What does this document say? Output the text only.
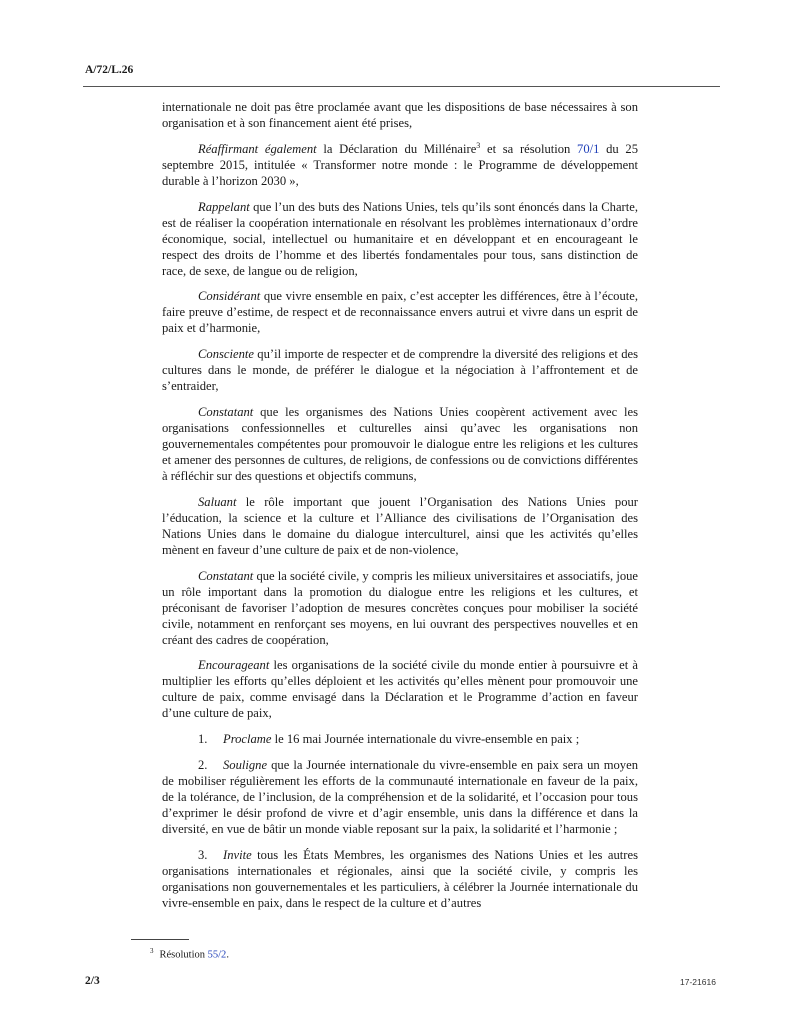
A/72/L.26

internationale ne doit pas être proclamée avant que les dispositions de base nécessaires à son organisation et à son financement aient été prises,

Réaffirmant également la Déclaration du Millénaire$^3$ et sa résolution 70/1 du 25 septembre 2015, intitulée « Transformer notre monde : le Programme de développement durable à l’horizon 2030 »,

Rappelant que l’un des buts des Nations Unies, tels qu’ils sont énoncés dans la Charte, est de réaliser la coopération internationale en résolvant les problèmes internationaux d’ordre économique, social, intellectuel ou humanitaire et en développant et en encourageant le respect des droits de l’homme et des libertés fondamentales pour tous, sans distinction de race, de sexe, de langue ou de religion,

Considérant que vivre ensemble en paix, c’est accepter les différences, être à l’écoute, faire preuve d’estime, de respect et de reconnaissance envers autrui et vivre dans un esprit de paix et d’harmonie,

Consciente qu’il importe de respecter et de comprendre la diversité des religions et des cultures dans le monde, de préférer le dialogue et la négociation à l’affrontement et de s’entraider,

Constatant que les organismes des Nations Unies coopèrent activement avec les organisations confessionnelles et culturelles ainsi qu’avec les organisations non gouvernementales compétentes pour promouvoir le dialogue entre les religions et les cultures et amener des personnes de cultures, de religions, de confessions ou de convictions différentes à réfléchir sur des questions et objectifs communs,

Saluant le rôle important que jouent l’Organisation des Nations Unies pour l’éducation, la science et la culture et l’Alliance des civilisations de l’Organisation des Nations Unies dans le domaine du dialogue interculturel, ainsi que les activités qu’elles mènent en faveur d’une culture de paix et de non-violence,

Constatant que la société civile, y compris les milieux universitaires et associatifs, joue un rôle important dans la promotion du dialogue entre les religions et les cultures, et préconisant de favoriser l’adoption de mesures concrètes conçues pour mobiliser la société civile, notamment en renforçant ses moyens, en lui ouvrant des perspectives nouvelles et en créant des cadres de coopération,

Encourageant les organisations de la société civile du monde entier à poursuivre et à multiplier les efforts qu’elles déploient et les activités qu’elles mènent pour promouvoir une culture de paix, comme envisagé dans la Déclaration et le Programme d’action en faveur d’une culture de paix,

1. Proclame le 16 mai Journée internationale du vivre-ensemble en paix ;

2. Souligne que la Journée internationale du vivre-ensemble en paix sera un moyen de mobiliser régulièrement les efforts de la communauté internationale en faveur de la paix, de la tolérance, de l’inclusion, de la compréhension et de la solidarité, et l’occasion pour tous d’exprimer le désir profond de vivre et d’agir ensemble, unis dans la différence et dans la diversité, en vue de bâtir un monde viable reposant sur la paix, la solidarité et l’harmonie ;

3. Invite tous les États Membres, les organismes des Nations Unies et les autres organisations internationales et régionales, ainsi que la société civile, y compris les organisations non gouvernementales et les particuliers, à célébrer la Journée internationale du vivre-ensemble en paix, dans le respect de la culture et d’autres

$^3$ Résolution 55/2.
2/3	17-21616
